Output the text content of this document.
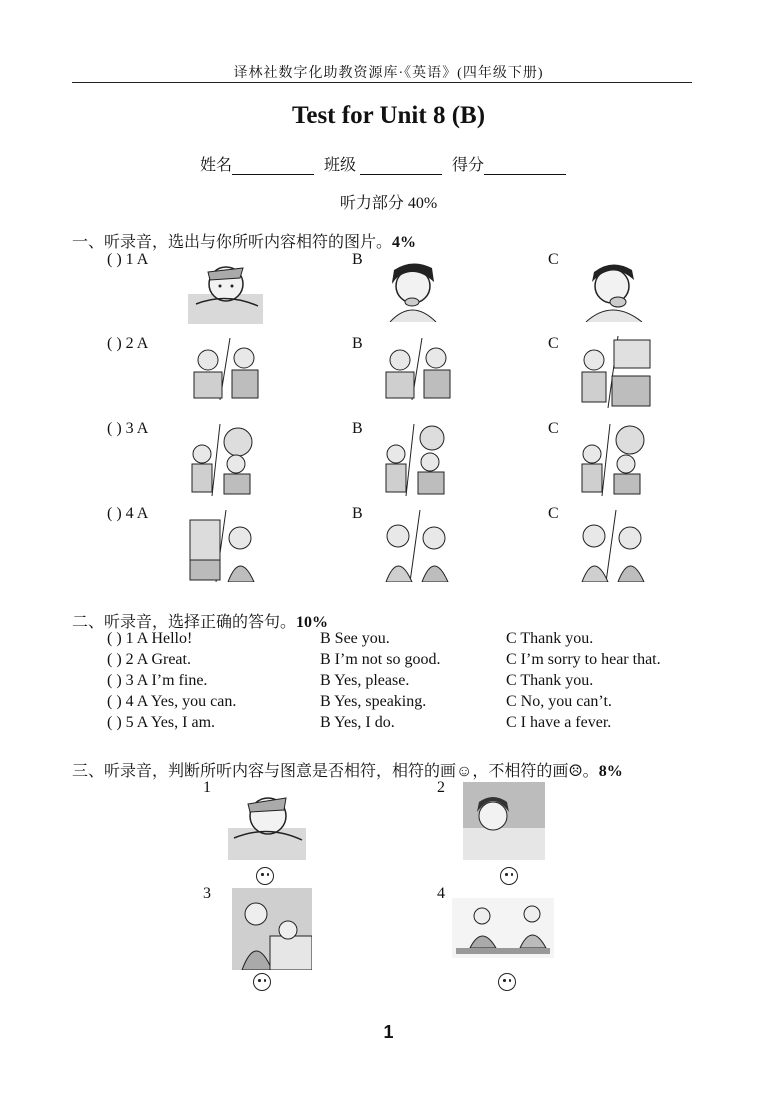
译林社数字化助教资源库·《英语》(四年级下册)
Test for Unit 8 (B)
姓名	班级	得分
听力部分 40%
一、听录音，选出与你所听内容相符的图片。4%
( ) 1 A	B	C
( ) 2 A	B	C
( ) 3 A	B	C
( ) 4 A	B	C
二、听录音，选择正确的答句。10%
( ) 1 A Hello!	B See you.	C Thank you.
( ) 2 A Great.	B I’m not so good.	C I’m sorry to hear that.
( ) 3 A I’m fine.	B Yes, please.	C Thank you.
( ) 4 A Yes, you can.	B Yes, speaking.	C No, you can’t.
( ) 5 A Yes, I am.	B Yes, I do.	C I have a fever.
三、听录音，判断所听内容与图意是否相符，相符的画☺，不相符的画☹。8%
1	2
3	4
1
